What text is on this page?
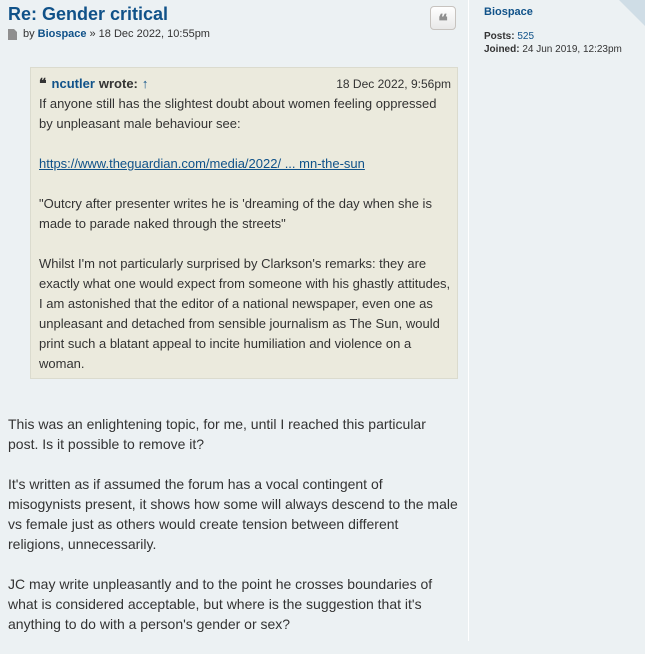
Re: Gender critical	❝
by Biospace » 18 Dec 2022, 10:55pm
❝ ncutler wrote: ↑	18 Dec 2022, 9:56pm

If anyone still has the slightest doubt about women feeling oppressed by unpleasant male behaviour see:

https://www.theguardian.com/media/2022/ ... mn-the-sun

"Outcry after presenter writes he is 'dreaming of the day when she is made to parade naked through the streets"

Whilst I'm not particularly surprised by Clarkson's remarks: they are exactly what one would expect from someone with his ghastly attitudes, I am astonished that the editor of a national newspaper, even one as unpleasant and detached from sensible journalism as The Sun, would print such a blatant appeal to incite humiliation and violence on a woman.

This was an enlightening topic, for me, until I reached this particular post. Is it possible to remove it?

It's written as if assumed the forum has a vocal contingent of misogynists present, it shows how some will always descend to the male vs female just as others would create tension between different religions, unnecessarily.

JC may write unpleasantly and to the point he crosses boundaries of what is considered acceptable, but where is the suggestion that it's anything to do with a person's gender or sex?

Biospace
Posts: 525
Joined: 24 Jun 2019, 12:23pm
